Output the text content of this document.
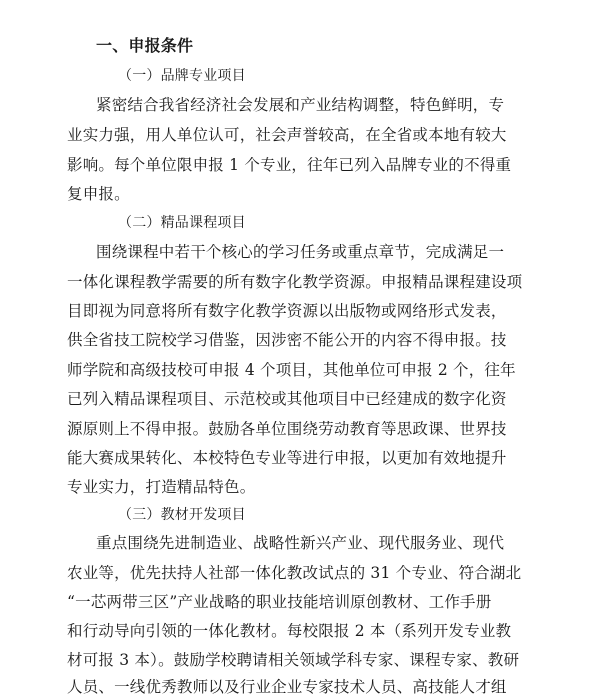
一、申报条件
（一）品牌专业项目
紧密结合我省经济社会发展和产业结构调整，特色鲜明，专
业实力强，用人单位认可，社会声誉较高，在全省或本地有较大
影响。每个单位限申报 1 个专业，往年已列入品牌专业的不得重
复申报。
（二）精品课程项目
围绕课程中若干个核心的学习任务或重点章节，完成满足一
一体化课程教学需要的所有数字化教学资源。申报精品课程建设项
目即视为同意将所有数字化教学资源以出版物或网络形式发表，
供全省技工院校学习借鉴，因涉密不能公开的内容不得申报。技
师学院和高级技校可申报 4 个项目，其他单位可申报 2 个，往年
已列入精品课程项目、示范校或其他项目中已经建成的数字化资
源原则上不得申报。鼓励各单位围绕劳动教育等思政课、世界技
能大赛成果转化、本校特色专业等进行申报，以更加有效地提升
专业实力，打造精品特色。
（三）教材开发项目
重点围绕先进制造业、战略性新兴产业、现代服务业、现代
农业等，优先扶持人社部一体化教改试点的 31 个专业、符合湖北
“一芯两带三区”产业战略的职业技能培训原创教材、工作手册
和行动导向引领的一体化教材。每校限报 2 本（系列开发专业教
材可报 3 本）。鼓励学校聘请相关领域学科专家、课程专家、教研
人员、一线优秀教师以及行业企业专家技术人员、高技能人才组
